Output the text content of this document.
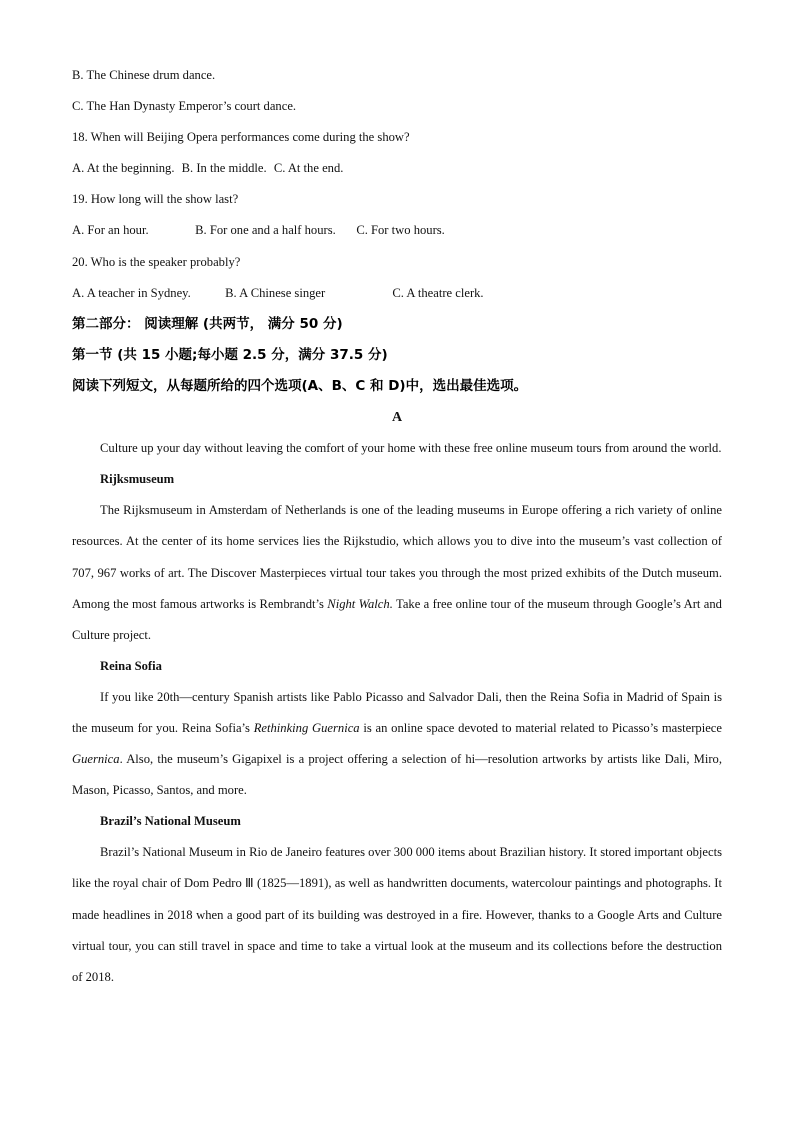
B. The Chinese drum dance.
C. The Han Dynasty Emperor’s court dance.
18. When will Beijing Opera performances come during the show?
A. At the beginning. B. In the middle. C. At the end.
19. How long will the show last?
A. For an hour.	B. For one and a half hours. C. For two hours.
20. Who is the speaker probably?
A. A teacher in Sydney.	B. A Chinese singer	C. A theatre clerk.
第二部分： 阅读理解 (共两节， 满分 50 分)
第一节 (共 15 小题;每小题 2.5 分，满分 37.5 分)
阅读下列短文，从每题所给的四个选项(A、B、C 和 D)中，选出最佳选项。
A

Culture up your day without leaving the comfort of your home with these free online museum tours from around the world.

Rijksmuseum

The Rijksmuseum in Amsterdam of Netherlands is one of the leading museums in Europe offering a rich variety of online resources. At the center of its home services lies the Rijkstudio, which allows you to dive into the museum’s vast collection of 707, 967 works of art. The Discover Masterpieces virtual tour takes you through the most prized exhibits of the Dutch museum. Among the most famous artworks is Rembrandt’s Night Walch. Take a free online tour of the museum through Google’s Art and Culture project.

Reina Sofia

If you like 20th—century Spanish artists like Pablo Picasso and Salvador Dali, then the Reina Sofia in Madrid of Spain is the museum for you. Reina Sofia’s Rethinking Guernica is an online space devoted to material related to Picasso’s masterpiece Guernica. Also, the museum’s Gigapixel is a project offering a selection of hi—resolution artworks by artists like Dali, Miro, Mason, Picasso, Santos, and more.

Brazil’s National Museum

Brazil’s National Museum in Rio de Janeiro features over 300 000 items about Brazilian history. It stored important objects like the royal chair of Dom Pedro Ⅲ (1825—1891), as well as handwritten documents, watercolour paintings and photographs. It made headlines in 2018 when a good part of its building was destroyed in a fire. However, thanks to a Google Arts and Culture virtual tour, you can still travel in space and time to take a virtual look at the museum and its collections before the destruction of 2018.
